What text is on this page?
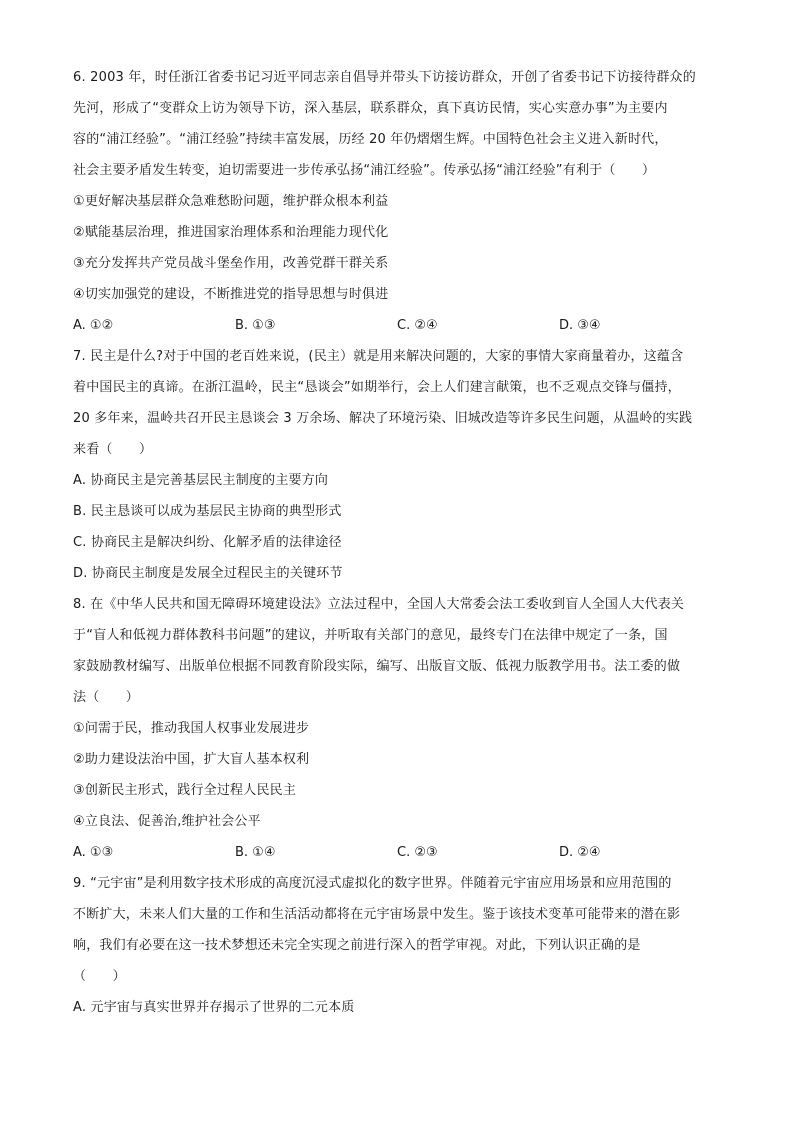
6. 2003 年，时任浙江省委书记习近平同志亲自倡导并带头下访接访群众，开创了省委书记下访接待群众的
先河，形成了“变群众上访为领导下访，深入基层，联系群众，真下真访民情，实心实意办事”为主要内
容的“浦江经验”。“浦江经验”持续丰富发展，历经 20 年仍熠熠生辉。中国特色社会主义进入新时代，
社会主要矛盾发生转变，迫切需要进一步传承弘扬“浦江经验”。传承弘扬“浦江经验”有利于（　　）
①更好解决基层群众急难愁盼问题，维护群众根本利益
②赋能基层治理，推进国家治理体系和治理能力现代化
③充分发挥共产党员战斗堡垒作用，改善党群干群关系
④切实加强党的建设，不断推进党的指导思想与时俱进
A. ①②	B. ①③	C. ②④	D. ③④
7. 民主是什么?对于中国的老百姓来说，(民主）就是用来解决问题的，大家的事情大家商量着办，这蕴含
着中国民主的真谛。在浙江温岭，民主“恳谈会”如期举行，会上人们建言献策，也不乏观点交锋与僵持，
20 多年来，温岭共召开民主恳谈会 3 万余场、解决了环境污染、旧城改造等许多民生问题，从温岭的实践
来看（　　）
A. 协商民主是完善基层民主制度的主要方向
B. 民主恳谈可以成为基层民主协商的典型形式
C. 协商民主是解决纠纷、化解矛盾的法律途径
D. 协商民主制度是发展全过程民主的关键环节
8. 在《中华人民共和国无障碍环境建设法》立法过程中，全国人大常委会法工委收到盲人全国人大代表关
于“盲人和低视力群体教科书问题”的建议，并听取有关部门的意见，最终专门在法律中规定了一条，国
家鼓励教材编写、出版单位根据不同教育阶段实际，编写、出版盲文版、低视力版教学用书。法工委的做
法（　　）
①问需于民，推动我国人权事业发展进步
②助力建设法治中国，扩大盲人基本权利
③创新民主形式，践行全过程人民民主
④立良法、促善治,维护社会公平
A. ①③	B. ①④	C. ②③	D. ②④
9. “元宇宙”是利用数字技术形成的高度沉浸式虚拟化的数字世界。伴随着元宇宙应用场景和应用范围的
不断扩大，未来人们大量的工作和生活活动都将在元宇宙场景中发生。鉴于该技术变革可能带来的潜在影
响，我们有必要在这一技术梦想还未完全实现之前进行深入的哲学审视。对此，下列认识正确的是
（　　）
A. 元宇宙与真实世界并存揭示了世界的二元本质
